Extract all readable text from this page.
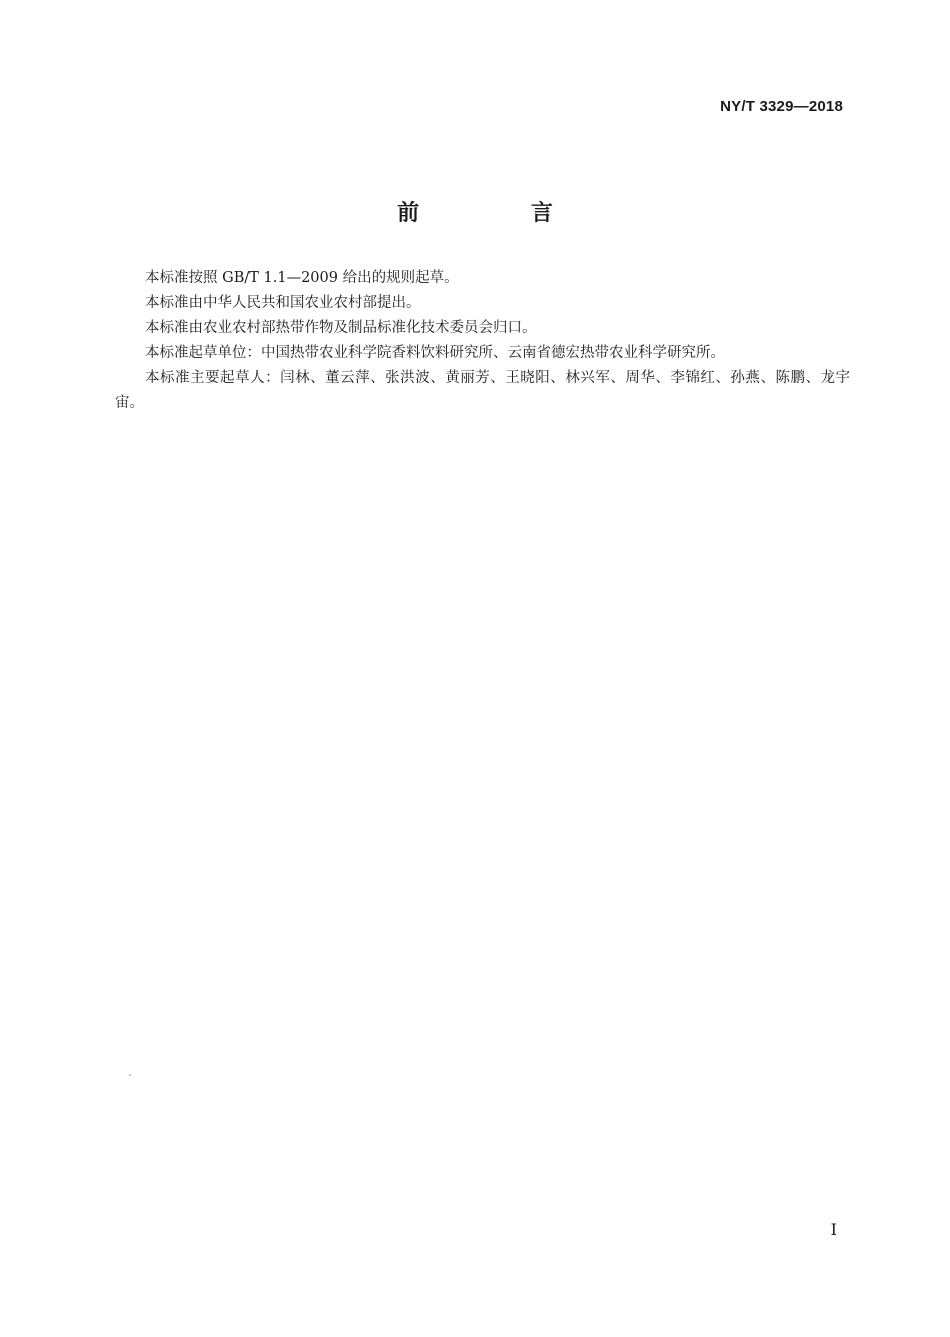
NY/T 3329—2018
前 言

本标准按照 GB/T 1.1—2009 给出的规则起草。

本标准由中华人民共和国农业农村部提出。

本标准由农业农村部热带作物及制品标准化技术委员会归口。

本标准起草单位：中国热带农业科学院香料饮料研究所、云南省德宏热带农业科学研究所。

本标准主要起草人：闫林、董云萍、张洪波、黄丽芳、王晓阳、林兴军、周华、李锦红、孙燕、陈鹏、龙宇宙。

I
